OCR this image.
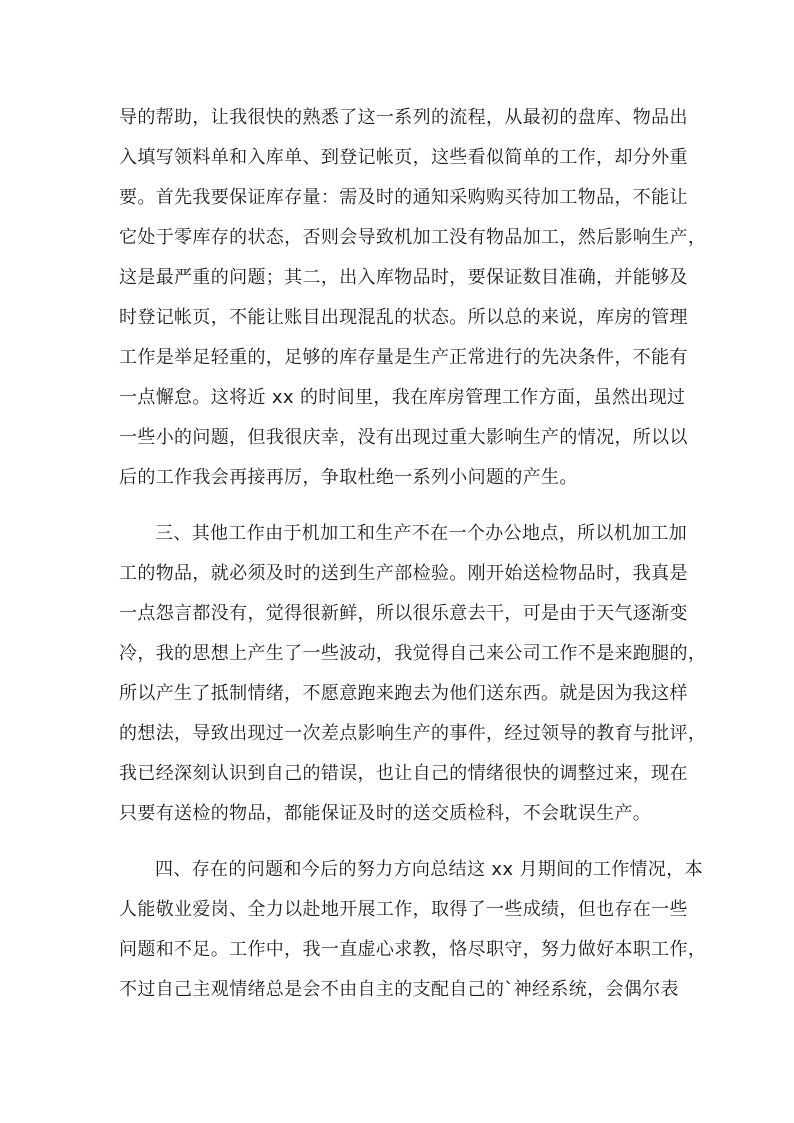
导的帮助，让我很快的熟悉了这一系列的流程，从最初的盘库、物品出
入填写领料单和入库单、到登记帐页，这些看似简单的工作，却分外重
要。首先我要保证库存量：需及时的通知采购购买待加工物品，不能让
它处于零库存的状态，否则会导致机加工没有物品加工，然后影响生产，
这是最严重的问题；其二，出入库物品时，要保证数目准确，并能够及
时登记帐页，不能让账目出现混乱的状态。所以总的来说，库房的管理
工作是举足轻重的，足够的库存量是生产正常进行的先决条件，不能有
一点懈怠。这将近 xx 的时间里，我在库房管理工作方面，虽然出现过
一些小的问题，但我很庆幸，没有出现过重大影响生产的情况，所以以
后的工作我会再接再厉，争取杜绝一系列小问题的产生。
三、其他工作由于机加工和生产不在一个办公地点，所以机加工加
工的物品，就必须及时的送到生产部检验。刚开始送检物品时，我真是
一点怨言都没有，觉得很新鲜，所以很乐意去干，可是由于天气逐渐变
冷，我的思想上产生了一些波动，我觉得自己来公司工作不是来跑腿的，
所以产生了抵制情绪，不愿意跑来跑去为他们送东西。就是因为我这样
的想法，导致出现过一次差点影响生产的事件，经过领导的教育与批评，
我已经深刻认识到自己的错误，也让自己的情绪很快的调整过来，现在
只要有送检的物品，都能保证及时的送交质检科，不会耽误生产。
四、存在的问题和今后的努力方向总结这 xx 月期间的工作情况，本
人能敬业爱岗、全力以赴地开展工作，取得了一些成绩，但也存在一些
问题和不足。工作中，我一直虚心求教，恪尽职守，努力做好本职工作，
不过自己主观情绪总是会不由自主的支配自己的`神经系统，会偶尔表
